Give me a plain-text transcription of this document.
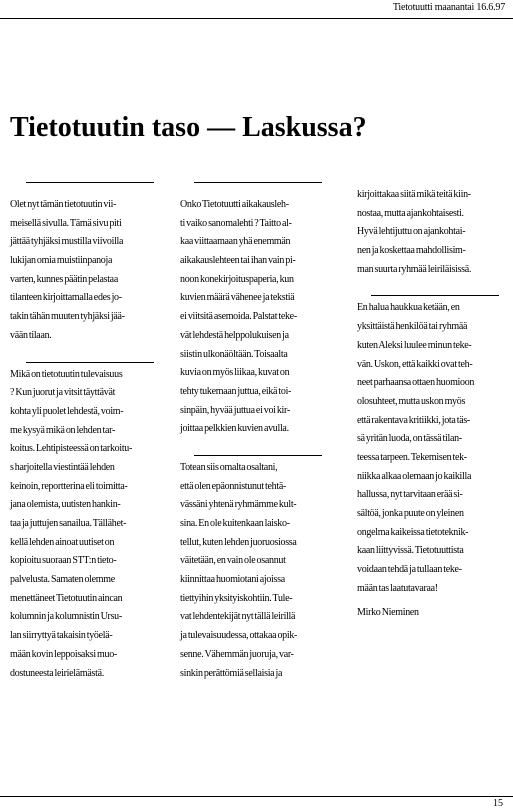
Tietotuutti maanantai 16.6.97
Tietotuutin taso — Laskussa?
Olet nyt tämän tietotuutin vii-
meisellä sivulla. Tämä sivu piti
jättää tyhjäksi mustilla viivoilla
lukijan omia muistiinpanoja
varten, kunnes päätin pelastaa
tilanteen kirjoittamalla edes jo-
takin tähän muuten tyhjäksi jää-
vään tilaan.
Mikä on tietotuutin tulevaisuus
? Kun juorut ja vitsit täyttävät
kohta yli puolet lehdestä, voim-
me kysyä mikä on lehden tar-
koitus. Lehtipisteessä on tarkoitu-
s harjoitella viestintää lehden
keinoin, reportterina eli toimitta-
jana olemista, uutisten hankin-
taa ja juttujen sanailua. Tällähet-
kellä lehden ainoat uutiset on
kopioitu suoraan STT:n tieto-
palvelusta. Samaten olemme
menettäneet Tietotuutin aincan
kolumnin ja kolumnistin Ursu-
lan siirryttyä takaisin työelä-
mään kovin leppoisaksi muo-
dostuneesta leirielämästä.
Onko Tietotuutti aikakausleh-
ti vaiko sanomalehti ? Taitto al-
kaa viittaamaan yhä enemmän
aikakauslehteen tai ihan vain pi-
noon konekirjoituspaperia, kun
kuvien määrä vähenee ja tekstiä
ei viitsitä asemoida. Palstat teke-
vät lehdestä helppolukuisen ja
siistin ulkonäöltään. Toisaalta
kuvia on myös liikaa, kuvat on
tehty tukemaan juttua, eikä toi-
sinpäin, hyvää juttua ei voi kir-
joittaa pelkkien kuvien avulla.
Totean siis omalta osaltani,
että olen epäonnistunut tehtä-
vässäni yhtenä ryhmämme kult-
sina. En ole kuitenkaan laisko-
tellut, kuten lehden juoruosiossa
väitetään, en vain ole osannut
kiinnittaa huomiotani ajoissa
tiettyihin yksityiskohtiin. Tule-
vat lehdentekijät nyt tällä leirillä
ja tulevaisuudessa, ottakaa opik-
senne. Vähemmän juoruja, var-
sinkin perättömiä sellaisia ja
kirjoittakaa siitä mikä teitä kiin-
nostaa, mutta ajankohtaisesti.
Hyvä lehtijuttu on ajankohtai-
nen ja koskettaa mahdollisim-
man suurta ryhmää leiriläisissä.
En halua haukkua ketään, en
yksittäistä henkilöä tai ryhmää
kuten Aleksi luulee minun teke-
vän. Uskon, että kaikki ovat teh-
neet parhaansa ottaen huomioon
olosuhteet, mutta uskon myös
että rakentava kritiikki, jota täs-
sä yritän luoda, on tässä tilan-
teessa tarpeen. Tekemisen tek-
niikka alkaa olemaan jo kaikilla
hallussa, nyt tarvitaan erää si-
sältöä, jonka puute on yleinen
ongelma kaikeissa tietoteknik-
kaan liittyvissä. Tietotuuttista
voidaan tehdä ja tullaan teke-
mään tas laatutavaraa!

Mirko Nieminen

15
